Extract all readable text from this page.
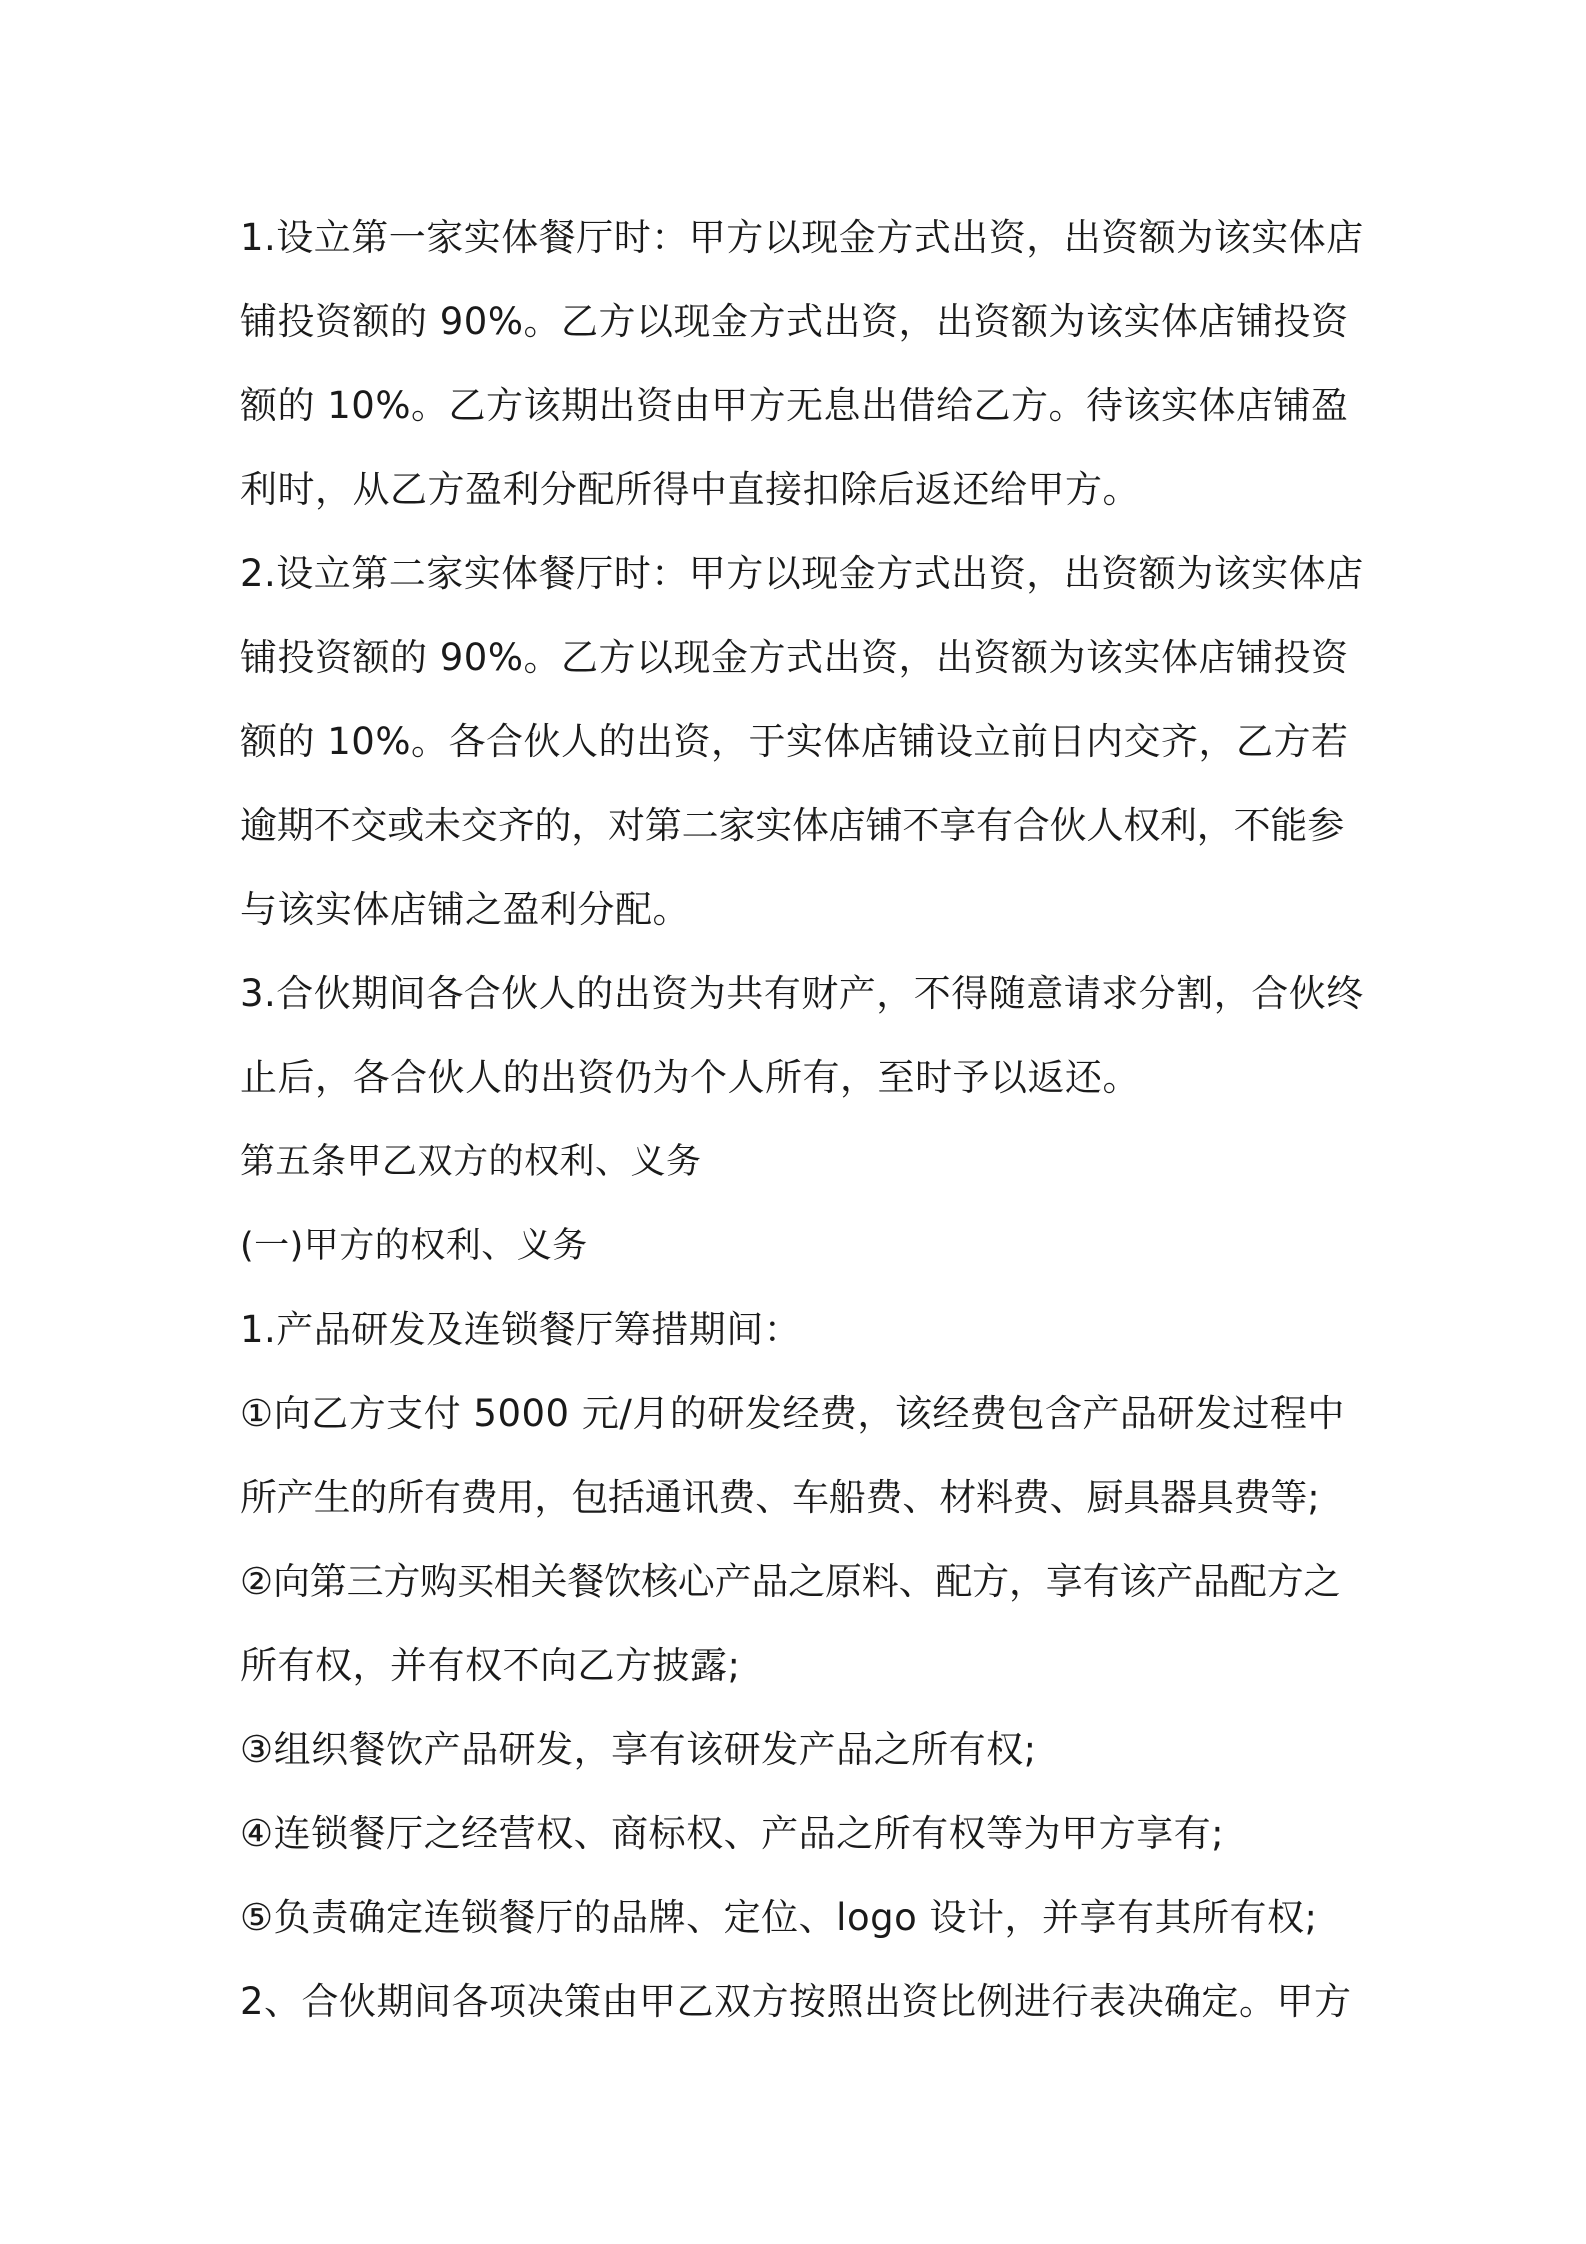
1.设立第一家实体餐厅时：甲方以现金方式出资，出资额为该实体店
铺投资额的 90%。乙方以现金方式出资，出资额为该实体店铺投资
额的 10%。乙方该期出资由甲方无息出借给乙方。待该实体店铺盈
利时，从乙方盈利分配所得中直接扣除后返还给甲方。
2.设立第二家实体餐厅时：甲方以现金方式出资，出资额为该实体店
铺投资额的 90%。乙方以现金方式出资，出资额为该实体店铺投资
额的 10%。各合伙人的出资，于实体店铺设立前日内交齐，乙方若
逾期不交或未交齐的，对第二家实体店铺不享有合伙人权利，不能参
与该实体店铺之盈利分配。
3.合伙期间各合伙人的出资为共有财产，不得随意请求分割，合伙终
止后，各合伙人的出资仍为个人所有，至时予以返还。
第五条甲乙双方的权利、义务
(一)甲方的权利、义务
1.产品研发及连锁餐厅筹措期间：
①向乙方支付 5000 元/月的研发经费，该经费包含产品研发过程中
所产生的所有费用，包括通讯费、车船费、材料费、厨具器具费等;
②向第三方购买相关餐饮核心产品之原料、配方，享有该产品配方之
所有权，并有权不向乙方披露;
③组织餐饮产品研发，享有该研发产品之所有权;
④连锁餐厅之经营权、商标权、产品之所有权等为甲方享有;
⑤负责确定连锁餐厅的品牌、定位、logo 设计，并享有其所有权;
2、合伙期间各项决策由甲乙双方按照出资比例进行表决确定。甲方
